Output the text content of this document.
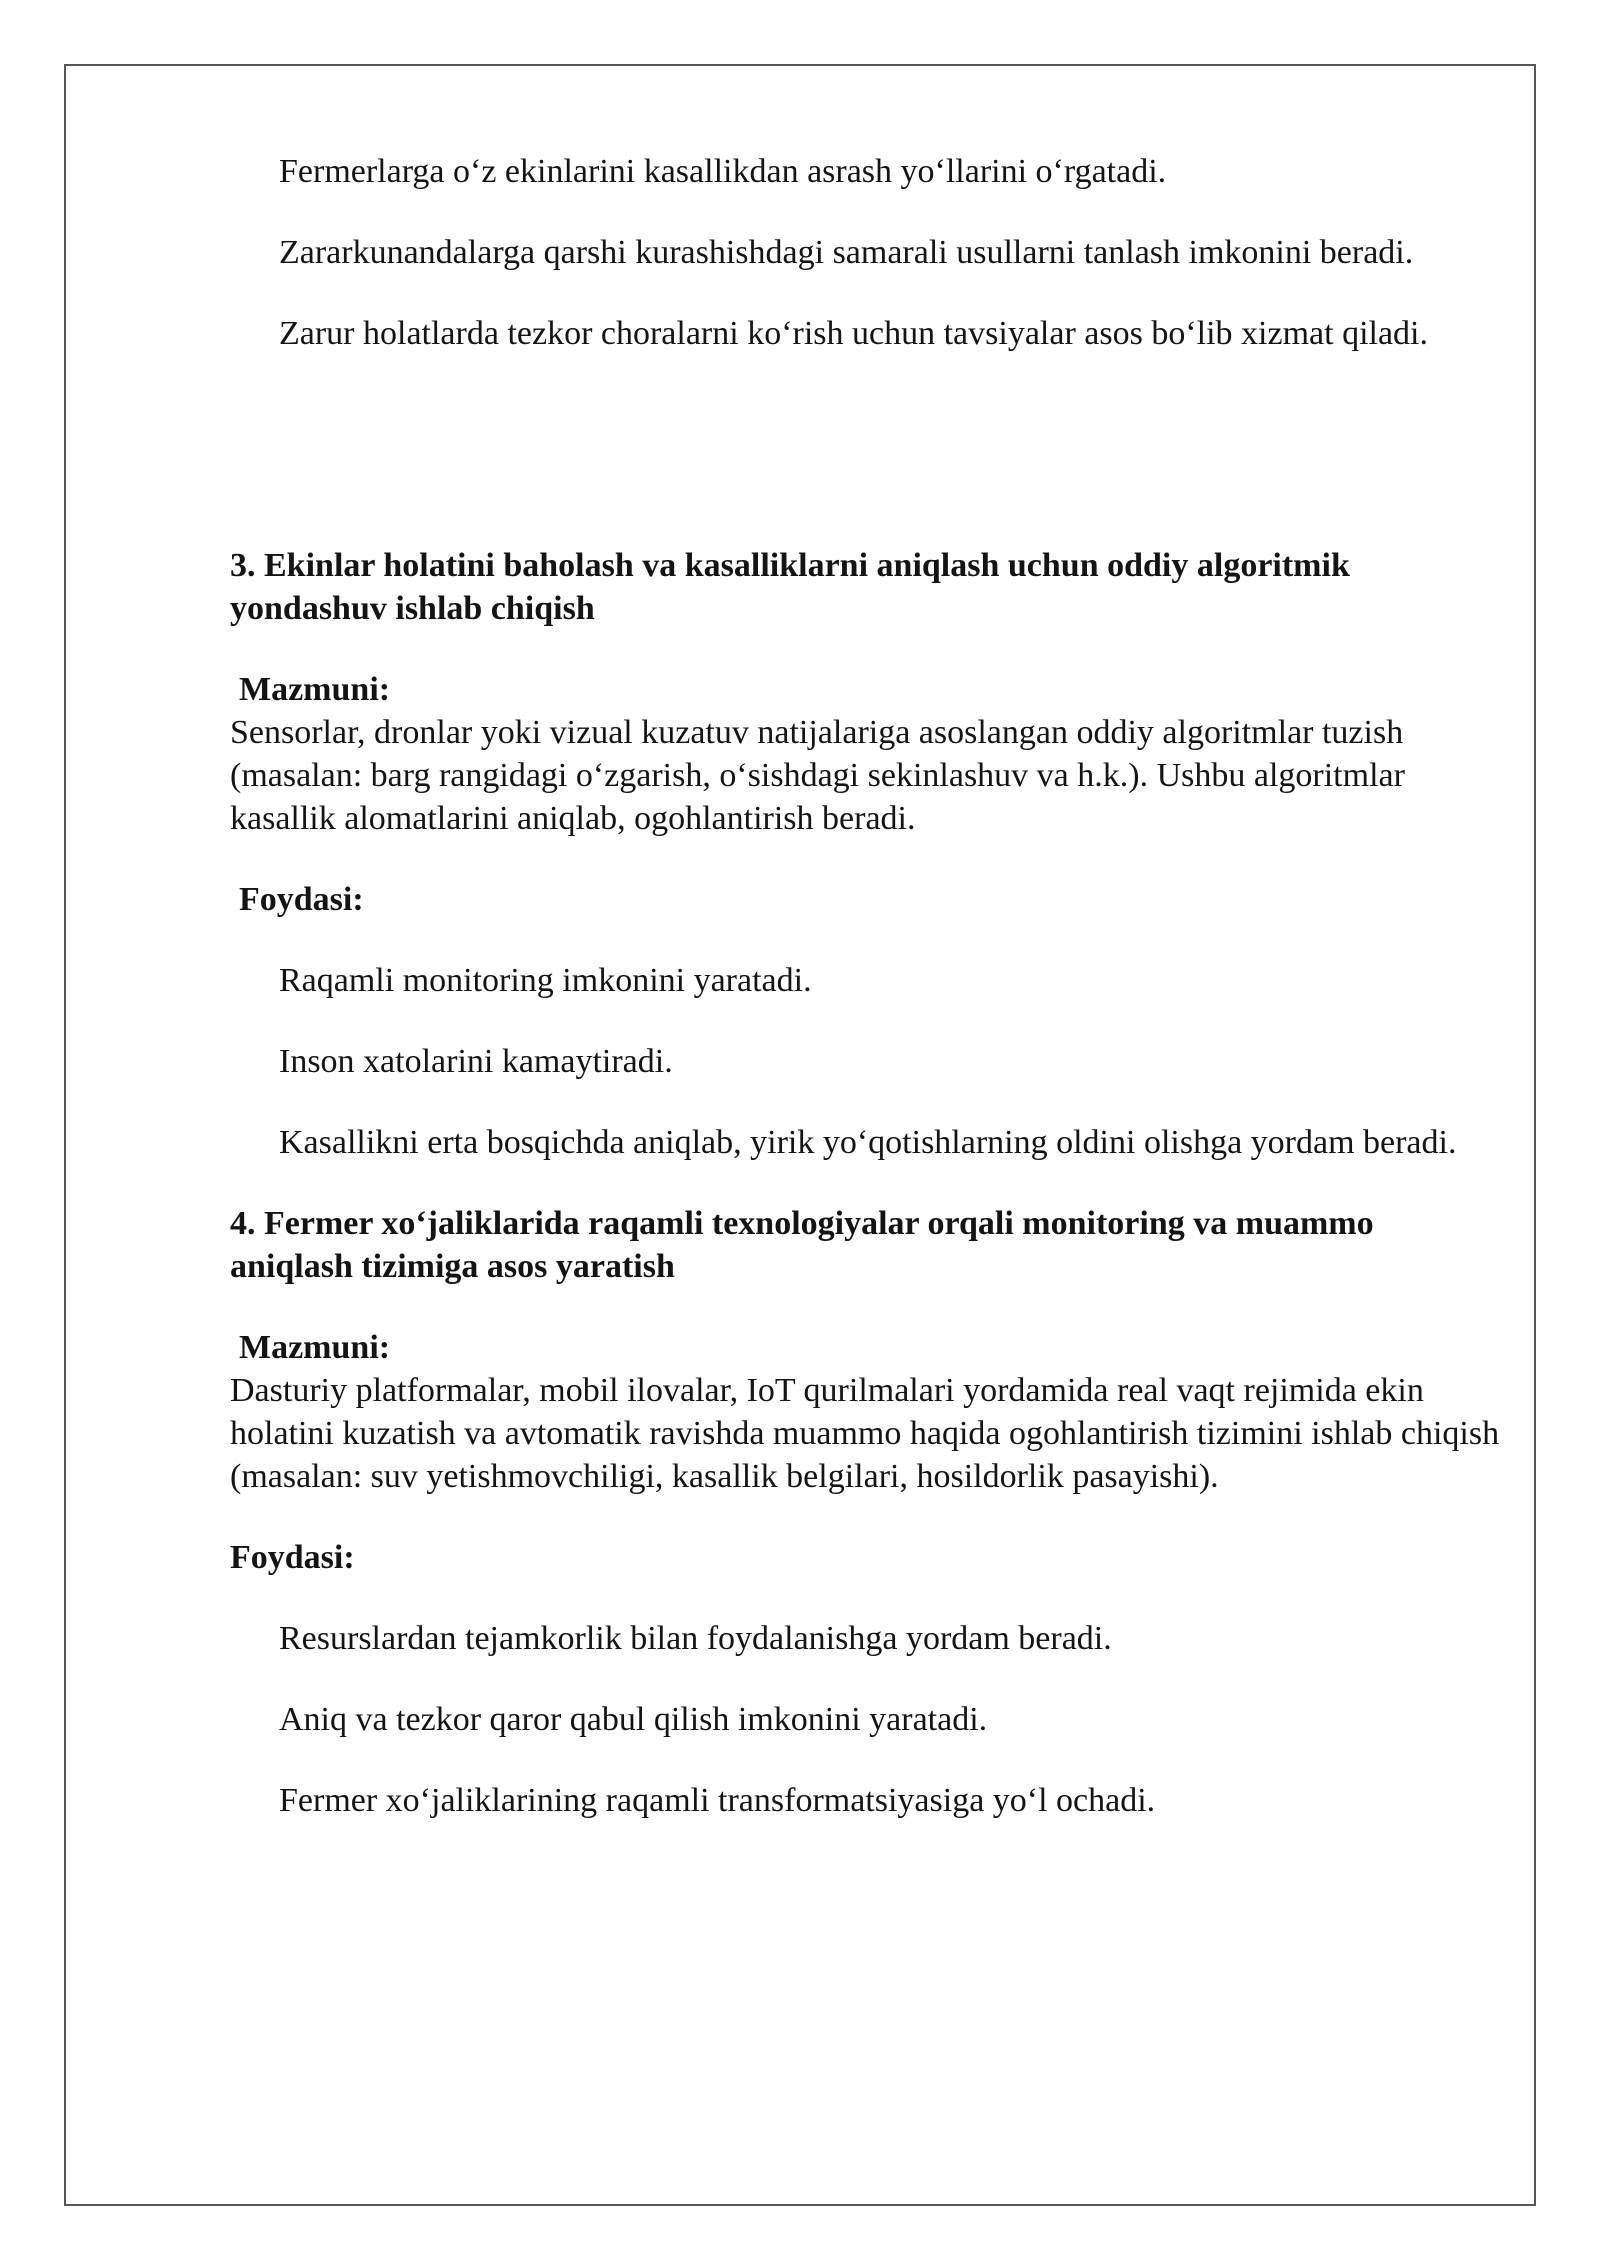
Fermerlarga o‘z ekinlarini kasallikdan asrash yo‘llarini o‘rgatadi.

Zararkunandalarga qarshi kurashishdagi samarali usullarni tanlash imkonini beradi.

Zarur holatlarda tezkor choralarni ko‘rish uchun tavsiyalar asos bo‘lib xizmat qiladi.

3. Ekinlar holatini baholash va kasalliklarni aniqlash uchun oddiy algoritmik yondashuv ishlab chiqish

Mazmuni:

Sensorlar, dronlar yoki vizual kuzatuv natijalariga asoslangan oddiy algoritmlar tuzish (masalan: barg rangidagi o‘zgarish, o‘sishdagi sekinlashuv va h.k.). Ushbu algoritmlar kasallik alomatlarini aniqlab, ogohlantirish beradi.

Foydasi:

Raqamli monitoring imkonini yaratadi.

Inson xatolarini kamaytiradi.

Kasallikni erta bosqichda aniqlab, yirik yo‘qotishlarning oldini olishga yordam beradi.

4. Fermer xo‘jaliklarida raqamli texnologiyalar orqali monitoring va muammo aniqlash tizimiga asos yaratish

Mazmuni:

Dasturiy platformalar, mobil ilovalar, IoT qurilmalari yordamida real vaqt rejimida ekin holatini kuzatish va avtomatik ravishda muammo haqida ogohlantirish tizimini ishlab chiqish (masalan: suv yetishmovchiligi, kasallik belgilari, hosildorlik pasayishi).

Foydasi:

Resurslardan tejamkorlik bilan foydalanishga yordam beradi.

Aniq va tezkor qaror qabul qilish imkonini yaratadi.

Fermer xo‘jaliklarining raqamli transformatsiyasiga yo‘l ochadi.
